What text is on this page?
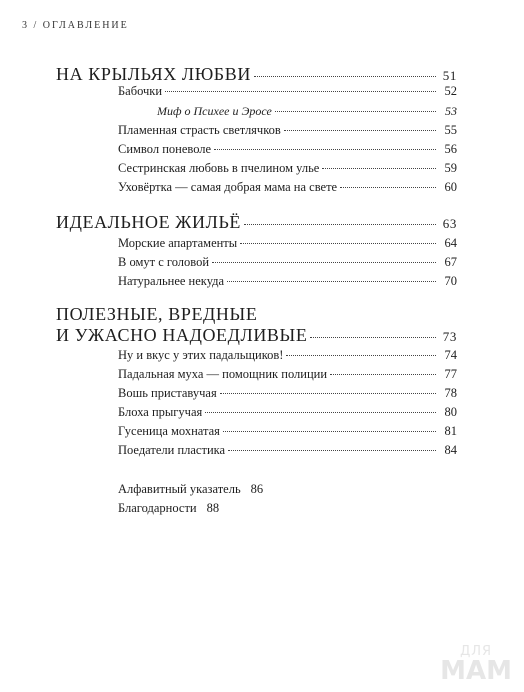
3 / ОГЛАВЛЕНИЕ
НА КРЫЛЬЯХ ЛЮБВИ	51
Бабочки	52
Миф о Психее и Эросе	53
Пламенная страсть светлячков	55
Символ поневоле	56
Сестринская любовь в пчелином улье	59
Уховёртка — самая добрая мама на свете	60
ИДЕАЛЬНОЕ ЖИЛЬЁ	63
Морские апартаменты	64
В омут с головой	67
Натуральнее некуда	70
ПОЛЕЗНЫЕ, ВРЕДНЫЕ
И УЖАСНО НАДОЕДЛИВЫЕ	73
Ну и вкус у этих падальщиков!	74
Падальная муха — помощник полиции	77
Вошь приставучая	78
Блоха прыгучая	80
Гусеница мохнатая	81
Поедатели пластика	84
Алфавитный указатель 86
Благодарности 88
ДЛЯ
МАМ
